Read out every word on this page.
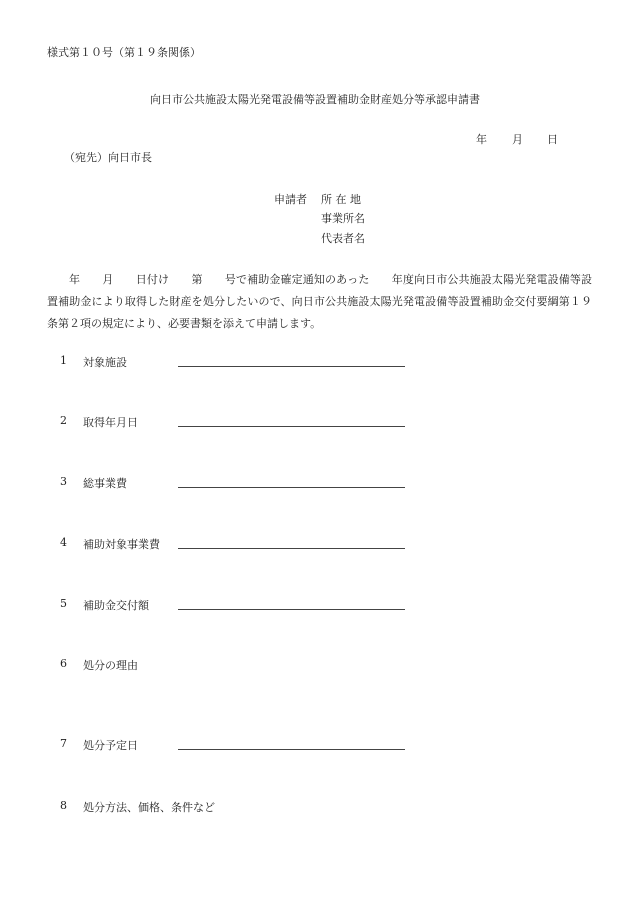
様式第１０号（第１９条関係）
向日市公共施設太陽光発電設備等設置補助金財産処分等承認申請書
年 月 日
（宛先）向日市長
申請者 所 在 地
事業所名
代表者名
年　　月　　日付け　　第　　号で補助金確定通知のあった　　年度向日市公共施設太陽光発電設備等設置補助金により取得した財産を処分したいので、向日市公共施設太陽光発電設備等設置補助金交付要綱第１９条第２項の規定により、必要書類を添えて申請します。
1 対象施設
2 取得年月日
3 総事業費
4 補助対象事業費
5 補助金交付額
6 処分の理由
7 処分予定日
8 処分方法、価格、条件など
